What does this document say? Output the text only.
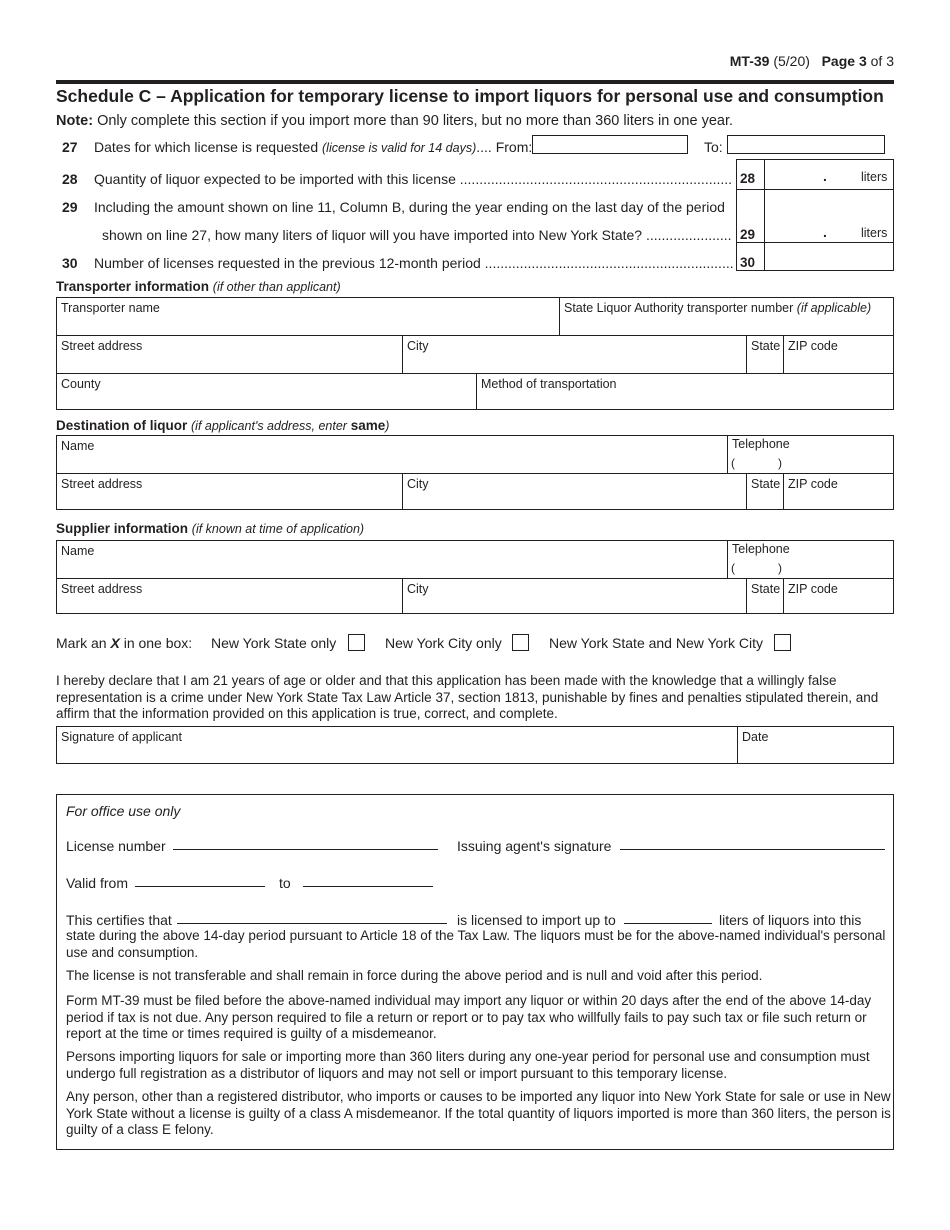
MT-39 (5/20) Page 3 of 3
Schedule C – Application for temporary license to import liquors for personal use and consumption
Note: Only complete this section if you import more than 90 liters, but no more than 360 liters in one year.
27 Dates for which license is requested (license is valid for 14 days).... From:	To:
28 Quantity of liquor expected to be imported with this license ...................................................................... 28	.	liters
29 Including the amount shown on line 11, Column B, during the year ending on the last day of the period
shown on line 27, how many liters of liquor will you have imported into New York State? ...................... 29	.	liters
30 Number of licenses requested in the previous 12-month period ................................................................ 30
Transporter information (if other than applicant)
Transporter name	State Liquor Authority transporter number (if applicable)
Street address	City	State ZIP code
County	Method of transportation
Destination of liquor (if applicant's address, enter same)
Name	Telephone
(	)
Street address	City	State ZIP code
Supplier information (if known at time of application)
Name	Telephone
(	)
Street address	City	State ZIP code
Mark an X in one box: New York State only	New York City only	New York State and New York City
I hereby declare that I am 21 years of age or older and that this application has been made with the knowledge that a willingly false representation is a crime under New York State Tax Law Article 37, section 1813, punishable by fines and penalties stipulated therein, and affirm that the information provided on this application is true, correct, and complete.
Signature of applicant	Date
For office use only
License number	Issuing agent's signature
Valid from	to
This certifies that	is licensed to import up to	liters of liquors into this
state during the above 14-day period pursuant to Article 18 of the Tax Law. The liquors must be for the above-named individual's personal use and consumption.
The license is not transferable and shall remain in force during the above period and is null and void after this period.
Form MT-39 must be filed before the above-named individual may import any liquor or within 20 days after the end of the above 14-day period if tax is not due. Any person required to file a return or report or to pay tax who willfully fails to pay such tax or file such return or report at the time or times required is guilty of a misdemeanor.
Persons importing liquors for sale or importing more than 360 liters during any one-year period for personal use and consumption must undergo full registration as a distributor of liquors and may not sell or import pursuant to this temporary license.
Any person, other than a registered distributor, who imports or causes to be imported any liquor into New York State for sale or use in New York State without a license is guilty of a class A misdemeanor. If the total quantity of liquors imported is more than 360 liters, the person is guilty of a class E felony.
